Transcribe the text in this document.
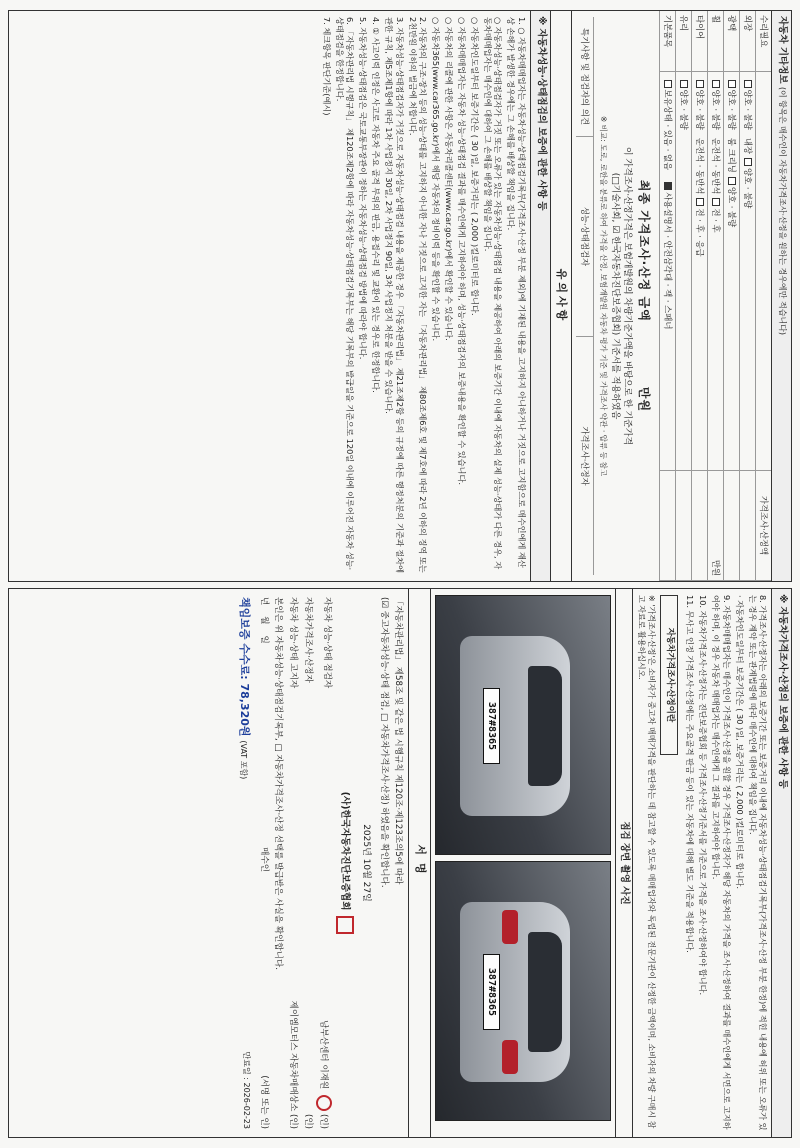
자동차 기타정보 (이 항목은 매수인이 자동차가격조사·산정을 원하는 경우에만 적습니다)
수리필요		가격조사·산정액
외장	양호 · 불량   내장양호 · 불량	
광택	양호 · 불량   룸 크리닝양호 · 불량	
휠	양호 · 불량   운전석 · 동반석전 · 후	만원
타이어	양호 · 불량   운전석 · 동반석전 · 후 · 응급	
유리	양호 · 불량	
기본품목	보유상태 · 있음 · 없음   사용설명서 · 안전삼각대 · 잭 · 스패너	
최종 가격조사·산정 금액 만원
이 가격조사·산정가격은 보험개발원의 차량기준가액을 바탕으로 한 기준가격
(□기술사회, ☑ 한국자동차진단보증협회) 기준서를 적용하였음
※ 비교: 도로, 로한을 분류로 하여 가격을 산정, 보험개발원 자동차 평가 기준 및 가격조사 약관 · 압류 등 참고
특기사항 및 점검자의 의견
성능·상태점검자
가격조사·산정자
유의사항
※ 자동차성능·상태점검의 보증에 관한 사항 등
1. ○ 자동차매매업자는 자동차성능·상태점검기록부(가격조사·산정 부분 제외)에 기재된 내용을 고지하지 아니하거나 거짓으로 고지함으로 매수인에게 재산상 손해가 발생한 경우에는 그 손해를 배상할 책임을 집니다.
○ 자동차성능·상태점검자가 거짓 또는 오류가 있는 자동차성능·상태점검 내용을 제공하여 아래의 보증기간 이내에 자동차의 실제 성능·상태가 다른 경우, 자동차매매업자는 매수인에 대하여 그 손해를 배상할 책임을 집니다.
○ 자동차인도일부터 보증기간은 ( 30 )일, 보증거리는 ( 2,000 )킬로미터로 합니다.
○ 자동차매매업자는 자동차 성능·상태점검 결과를 매수인에게 고지하여야 하며, 성능·상태점검자의 보증내용을 확인할 수 있습니다.
○ 자동차의 리콜에 관한 사항은 자동차리콜센터(www.car.go.kr)에서 확인할 수 있습니다.
○ 자동차365(www.car365.go.kr)에서 해당 자동차의 정비이력 등을 확인할 수 있습니다.
2. 자동차의 구조·장치 등의 성능·상태를 고지하지 아니한 자나 거짓으로 고지한 자는 「자동차관리법」 제80조제6호 및 제7호에 따라 2년 이하의 징역 또는 2천만원 이하의 벌금에 처합니다.
3. 자동차성능·상태점검자가 거짓으로 자동차성능·상태점검 내용을 제공한 경우 「자동차관리법」 제21조제2항 등의 규정에 따른 행정처분의 기준과 절차에 관한 규칙, 제5조제1항에 따라 1차 사업정지 30일, 2차 사업정지 90일, 3차 사업정지 처분을 받을 수 있습니다.
4. ① 사고이력 인정은 사고로 자동차 주요 골격 부위의 판금, 용접수리 및 교환이 있는 경우로 한정합니다.
5. 자동차성능·상태점검은 국토교통부장관이 정하는 자동차성능·상태점검 방법에 따라야 합니다.
6. 「자동차관리법 시행규칙」 제120조제2항에 따라 자동차성능·상태점검기록부는 해당 기록부의 발급일을 기준으로 120일 이내에 이루어진 자동차 성능·상태점검을 한정합니다.
7. 체크항목 판단기준(예시)
※ 자동차가격조사·산정의 보증에 관한 사항 등
8. 가격조사·산정자는 아래의 보증기간 또는 보증거리 이내에 자동차성능·상태점검기록부(가격조사·산정 부분 한정)에 적힌 내용에 허위 또는 오류가 있는 경우 계약 또는 관계법령에 따라 매수인에 대하여 책임을 집니다.
· 자동차인도일부터 보증기간은 ( 30 )일, 보증거리는 ( 2,000 )킬로미터로 합니다.
9. 자동차매매업자는 매수인이 가격조사·산정을 원할 경우 가격조사·산정자가 해당 자동차의 가격을 조사·산정하여 결과를 매수인에게 서면으로 고지하여야 하며, 이 경우 자동차 매매업자는 매수인에게 그 결과를 고지하여야 합니다.
10. 자동차가격조사·산정자는 진단보증협회 등 가격조사·산정기준서를 기준으로 가격을 조사·산정하여야 합니다.
11. 무사고 인정 가격조사·산정에는 주요골격 판금 등이 있는 자동차에 대해 별도 기준을 적용합니다.
자동차가격조사·산정이란
※ '가격조사·산정'은 소비자가 중고차 매매가격을 판단하는 데 참고할 수 있도록 매매업자와 독립된 전문기관이 산정한 금액이며, 소비자의 차량 구매시 참고 자료로 활용하십시오.
점검 장면 촬영 사진
387#8365
387#8365
서명

「자동차관리법」 제58조 및 같은 법 시행규칙 제120조·제123조의5에 따라

(☑ 중고자동차성능·상태 점검, □ 자동차가격조사·산정) 하였음을 확인합니다.

2025년 10월 27일
(사)한국자동차진단보증협회
자동차 성능·상태 점검자
남부산센터 이재원 (인)
자동차가격조사·산정자
(인)
자동차 성능·상태 고지자
제이엠모터스 자동차매매상소 (인)

본인은 위 자동차성능·상태점검기록부, □ 자동차가격조사·산정 선택를 발급받은 사실을 확인합니다.

년    월    일
매수인
(서명 또는 인)
책임보증 수수료: 78,320원 (VAT 포함)
만료일 : 2026-02-23
